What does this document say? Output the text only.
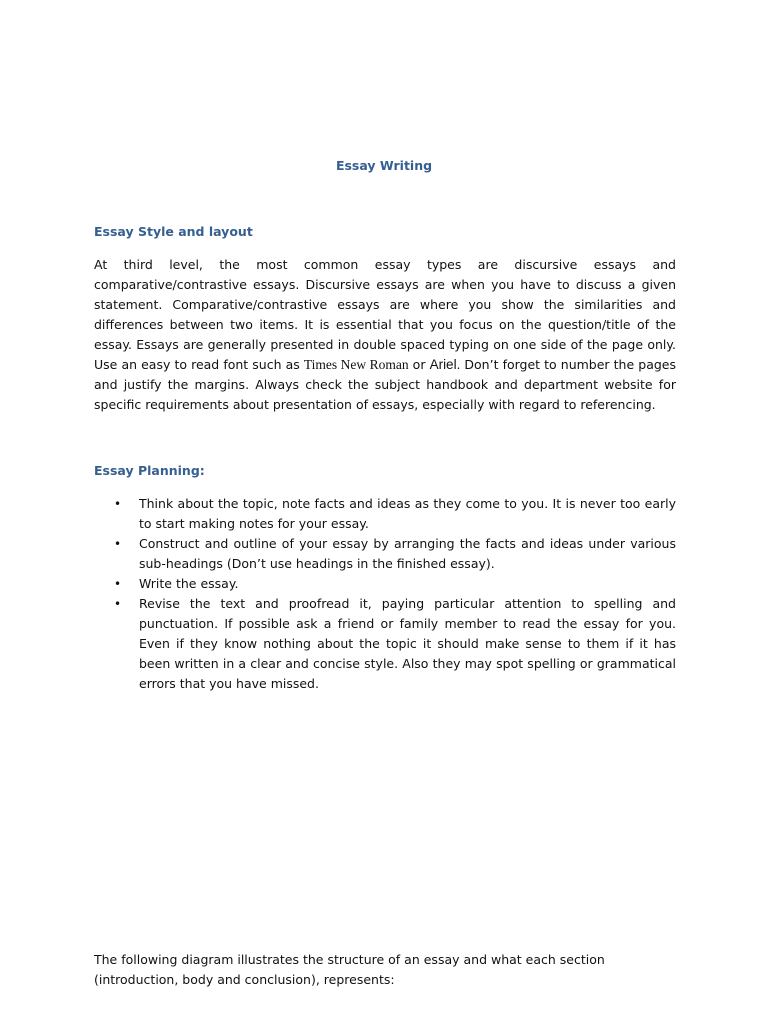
Essay Writing
Essay Style and layout

At third level, the most common essay types are discursive essays and comparative/contrastive essays. Discursive essays are when you have to discuss a given statement. Comparative/contrastive essays are where you show the similarities and differences between two items. It is essential that you focus on the question/title of the essay. Essays are generally presented in double spaced typing on one side of the page only. Use an easy to read font such as Times New Roman or Ariel. Don’t forget to number the pages and justify the margins. Always check the subject handbook and department website for specific requirements about presentation of essays, especially with regard to referencing.

Essay Planning:
• Think about the topic, note facts and ideas as they come to you. It is never too early to start making notes for your essay.
• Construct and outline of your essay by arranging the facts and ideas under various sub-headings (Don’t use headings in the finished essay).
• Write the essay.
• Revise the text and proofread it, paying particular attention to spelling and punctuation. If possible ask a friend or family member to read the essay for you. Even if they know nothing about the topic it should make sense to them if it has been written in a clear and concise style. Also they may spot spelling or grammatical errors that you have missed.

The following diagram illustrates the structure of an essay and what each section (introduction, body and conclusion), represents:
